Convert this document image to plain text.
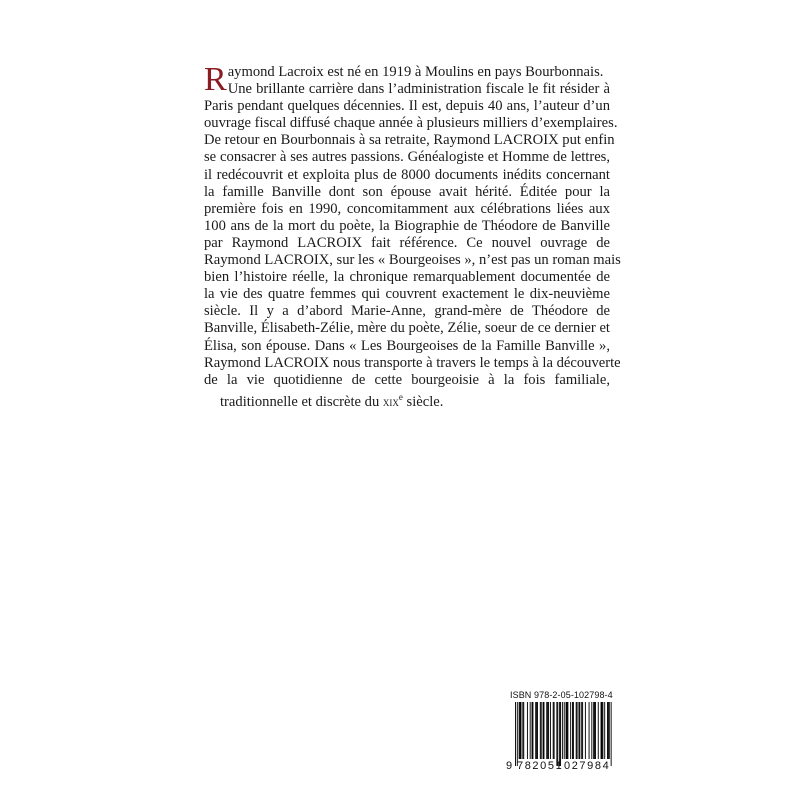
Raymond Lacroix est né en 1919 à Moulins en pays Bourbonnais.
Une brillante carrière dans l’administration fiscale le fit résider à
Paris pendant quelques décennies. Il est, depuis 40 ans, l’auteur d’un
ouvrage fiscal diffusé chaque année à plusieurs milliers d’exemplaires.
De retour en Bourbonnais à sa retraite, Raymond LACROIX put enfin
se consacrer à ses autres passions. Généalogiste et Homme de lettres,
il redécouvrit et exploita plus de 8000 documents inédits concernant
la famille Banville dont son épouse avait hérité. Éditée pour la
première fois en 1990, concomitamment aux célébrations liées aux
100 ans de la mort du poète, la Biographie de Théodore de Banville
par Raymond LACROIX fait référence. Ce nouvel ouvrage de
Raymond LACROIX, sur les « Bourgeoises », n’est pas un roman mais
bien l’histoire réelle, la chronique remarquablement documentée de
la vie des quatre femmes qui couvrent exactement le dix-neuvième
siècle. Il y a d’abord Marie-Anne, grand-mère de Théodore de
Banville, Élisabeth-Zélie, mère du poète, Zélie, soeur de ce dernier et
Élisa, son épouse. Dans « Les Bourgeoises de la Famille Banville »,
Raymond LACROIX nous transporte à travers le temps à la découverte
de la vie quotidienne de cette bourgeoisie à la fois familiale,
traditionnelle et discrète du xix$^e$ siècle.
ISBN 978-2-05-102798-4
9 782051 027984
